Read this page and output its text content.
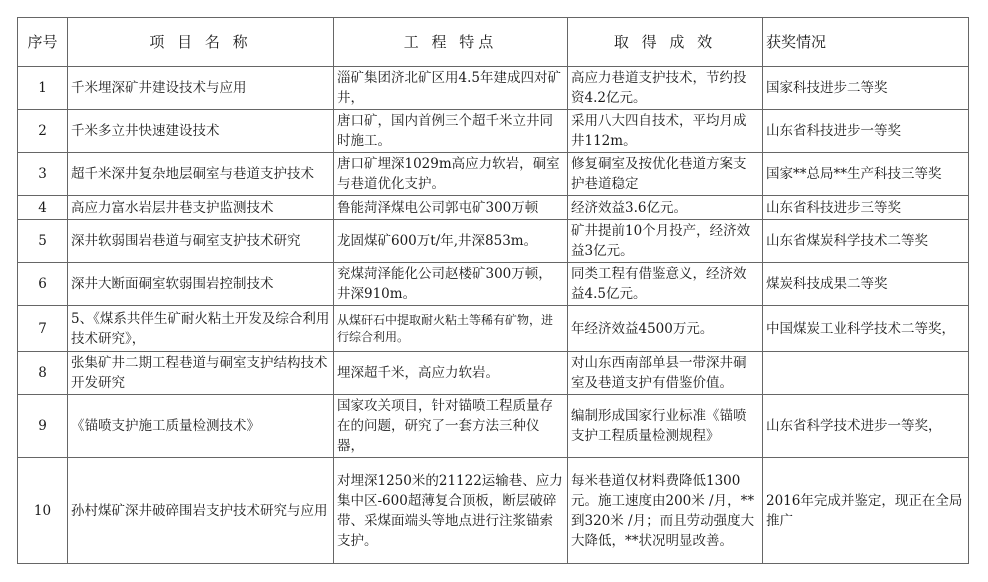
序号	项 目 名 称	工 程 特点	取 得 成 效	获奖情况
1	千米埋深矿井建设技术与应用	淄矿集团济北矿区用4.5年建成四对矿井，	高应力巷道支护技术，节约投资4.2亿元。	国家科技进步二等奖
2	千米多立井快速建设技术	唐口矿，国内首例三个超千米立井同时施工。	采用八大四自技术，平均月成井112m。	山东省科技进步一等奖
3	超千米深井复杂地层硐室与巷道支护技术	唐口矿埋深1029m高应力软岩，硐室与巷道优化支护。	修复硐室及按优化巷道方案支护巷道稳定	国家**总局**生产科技三等奖
4	高应力富水岩层井巷支护监测技术	鲁能菏泽煤电公司郭屯矿300万顿	经济效益3.6亿元。	山东省科技进步三等奖
5	深井软弱围岩巷道与硐室支护技术研究	龙固煤矿600万t/年,井深853m。	矿井提前10个月投产，经济效益3亿元。	山东省煤炭科学技术二等奖
6	深井大断面硐室软弱围岩控制技术	兖煤菏泽能化公司赵楼矿300万顿，井深910m。	同类工程有借鉴意义，经济效益4.5亿元。	煤炭科技成果二等奖
7	5、《煤系共伴生矿耐火粘土开发及综合利用技术研究》，	从煤矸石中提取耐火粘土等稀有矿物，进行综合利用。	年经济效益4500万元。	中国煤炭工业科学技术二等奖，
8	张集矿井二期工程巷道与硐室支护结构技术开发研究	埋深超千米，高应力软岩。	对山东西南部单县一带深井硐室及巷道支护有借鉴价值。	
9	《锚喷支护施工质量检测技术》	国家攻关项目，针对锚喷工程质量存在的问题，研究了一套方法三种仪器，	编制形成国家行业标准《锚喷支护工程质量检测规程》	山东省科学技术进步一等奖，
10	孙村煤矿深井破碎围岩支护技术研究与应用	对埋深1250米的21122运输巷、应力集中区-600超薄复合顶板，断层破碎带、采煤面端头等地点进行注浆锚索支护。	每米巷道仅材料费降低1300元。施工速度由200米 /月，**到320米 /月；而且劳动强度大大降低，**状况明显改善。	2016年完成并鉴定，现正在全局推广
